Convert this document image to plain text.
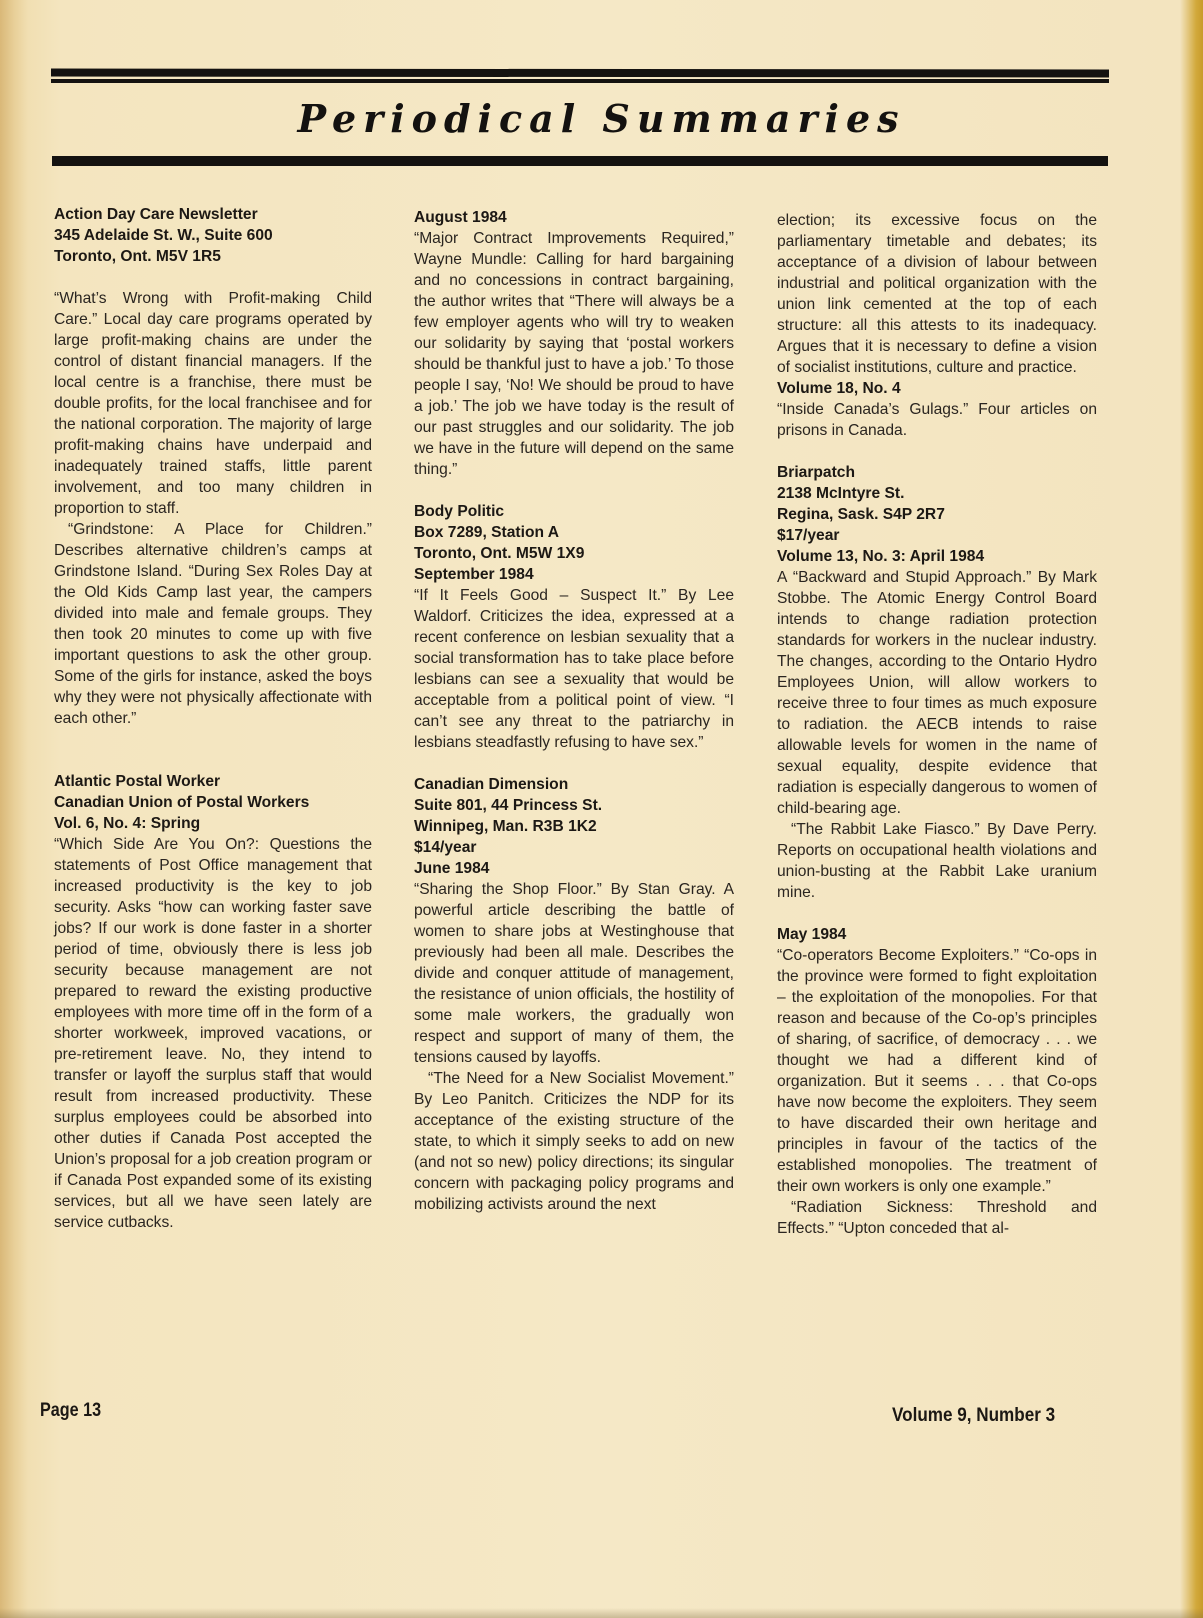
Periodical Summaries
Action Day Care Newsletter
345 Adelaide St. W., Suite 600
Toronto, Ont. M5V 1R5

“What’s Wrong with Profit-making Child Care.” Local day care programs operated by large profit-making chains are under the control of distant financial managers. If the local centre is a franchise, there must be double profits, for the local franchisee and for the national corporation. The majority of large profit-making chains have underpaid and inadequately trained staffs, little parent involvement, and too many children in proportion to staff.

“Grindstone: A Place for Children.” Describes alternative children’s camps at Grindstone Island. “During Sex Roles Day at the Old Kids Camp last year, the campers divided into male and female groups. They then took 20 minutes to come up with five important questions to ask the other group. Some of the girls for instance, asked the boys why they were not physically affectionate with each other.”

Atlantic Postal Worker
Canadian Union of Postal Workers
Vol. 6, No. 4: Spring

“Which Side Are You On?: Questions the statements of Post Office management that increased productivity is the key to job security. Asks “how can working faster save jobs? If our work is done faster in a shorter period of time, obviously there is less job security because management are not prepared to reward the existing productive employees with more time off in the form of a shorter workweek, improved vacations, or pre-retirement leave. No, they intend to transfer or layoff the surplus staff that would result from increased productivity. These surplus employees could be absorbed into other duties if Canada Post accepted the Union’s proposal for a job creation program or if Canada Post expanded some of its existing services, but all we have seen lately are service cutbacks.

August 1984

“Major Contract Improvements Required,” Wayne Mundle: Calling for hard bargaining and no concessions in contract bargaining, the author writes that “There will always be a few employer agents who will try to weaken our solidarity by saying that ‘postal workers should be thankful just to have a job.’ To those people I say, ‘No! We should be proud to have a job.’ The job we have today is the result of our past struggles and our solidarity. The job we have in the future will depend on the same thing.”

Body Politic
Box 7289, Station A
Toronto, Ont. M5W 1X9
September 1984

“If It Feels Good – Suspect It.” By Lee Waldorf. Criticizes the idea, expressed at a recent conference on lesbian sexuality that a social transformation has to take place before lesbians can see a sexuality that would be acceptable from a political point of view. “I can’t see any threat to the patriarchy in lesbians steadfastly refusing to have sex.”

Canadian Dimension
Suite 801, 44 Princess St.
Winnipeg, Man. R3B 1K2
$14/year
June 1984

“Sharing the Shop Floor.” By Stan Gray. A powerful article describing the battle of women to share jobs at Westinghouse that previously had been all male. Describes the divide and conquer attitude of management, the resistance of union officials, the hostility of some male workers, the gradually won respect and support of many of them, the tensions caused by layoffs.

“The Need for a New Socialist Movement.” By Leo Panitch. Criticizes the NDP for its acceptance of the existing structure of the state, to which it simply seeks to add on new (and not so new) policy directions; its singular concern with packaging policy programs and mobilizing activists around the next

election; its excessive focus on the parliamentary timetable and debates; its acceptance of a division of labour between industrial and political organization with the union link cemented at the top of each structure: all this attests to its inadequacy. Argues that it is necessary to define a vision of socialist institutions, culture and practice.

Volume 18, No. 4

“Inside Canada’s Gulags.” Four articles on prisons in Canada.

Briarpatch
2138 McIntyre St.
Regina, Sask. S4P 2R7
$17/year
Volume 13, No. 3: April 1984

A “Backward and Stupid Approach.” By Mark Stobbe. The Atomic Energy Control Board intends to change radiation protection standards for workers in the nuclear industry. The changes, according to the Ontario Hydro Employees Union, will allow workers to receive three to four times as much exposure to radiation. the AECB intends to raise allowable levels for women in the name of sexual equality, despite evidence that radiation is especially dangerous to women of child-bearing age.

“The Rabbit Lake Fiasco.” By Dave Perry. Reports on occupational health violations and union-busting at the Rabbit Lake uranium mine.

May 1984

“Co-operators Become Exploiters.” “Co-ops in the province were formed to fight exploitation – the exploitation of the monopolies. For that reason and because of the Co-op’s principles of sharing, of sacrifice, of democracy . . . we thought we had a different kind of organization. But it seems . . . that Co-ops have now become the exploiters. They seem to have discarded their own heritage and principles in favour of the tactics of the established monopolies. The treatment of their own workers is only one example.”

“Radiation Sickness: Threshold and Effects.” “Upton conceded that al-

Page 13	Volume 9, Number 3
